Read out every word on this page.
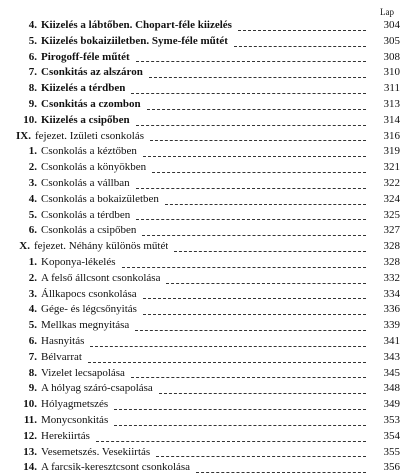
Lap
4. Kiizelés a lábtőben. Chopart-féle kiizelés	304
5. Kiizelés bokaiziiletben. Syme-féle műtét	305
6. Pirogoff-féle műtét	308
7. Csonkitás az alszáron	310
8. Kiizelés a térdben	311
9. Csonkitás a czombon	313
10. Kiizelés a csipőben	314
IX. fejezet. Izületi csonkolás	316
1. Csonkolás a kéztőben	319
2. Csonkolás a könyökben	321
3. Csonkolás a vállban	322
4. Csonkolás a bokaizületben	324
5. Csonkolás a térdben	325
6. Csonkolás a csipőben	327
X. fejezet. Néhány különös műtét	328
1. Koponya-lékelés	328
2. A felső állcsont csonkolása	332
3. Állkapocs csonkolása	334
4. Gége- és légcsőnyitás	336
5. Mellkas megnyitása	339
6. Hasnyitás	341
7. Bélvarrat	343
8. Vizelet lecsapolása	345
9. A hólyag száró-csapolása	348
10. Hólyagmetszés	349
11. Monycsonkitás	353
12. Herekiirtás	354
13. Vesemetszés. Vesekiirtás	355
14. A farcsik-keresztcsont csonkolása	356
